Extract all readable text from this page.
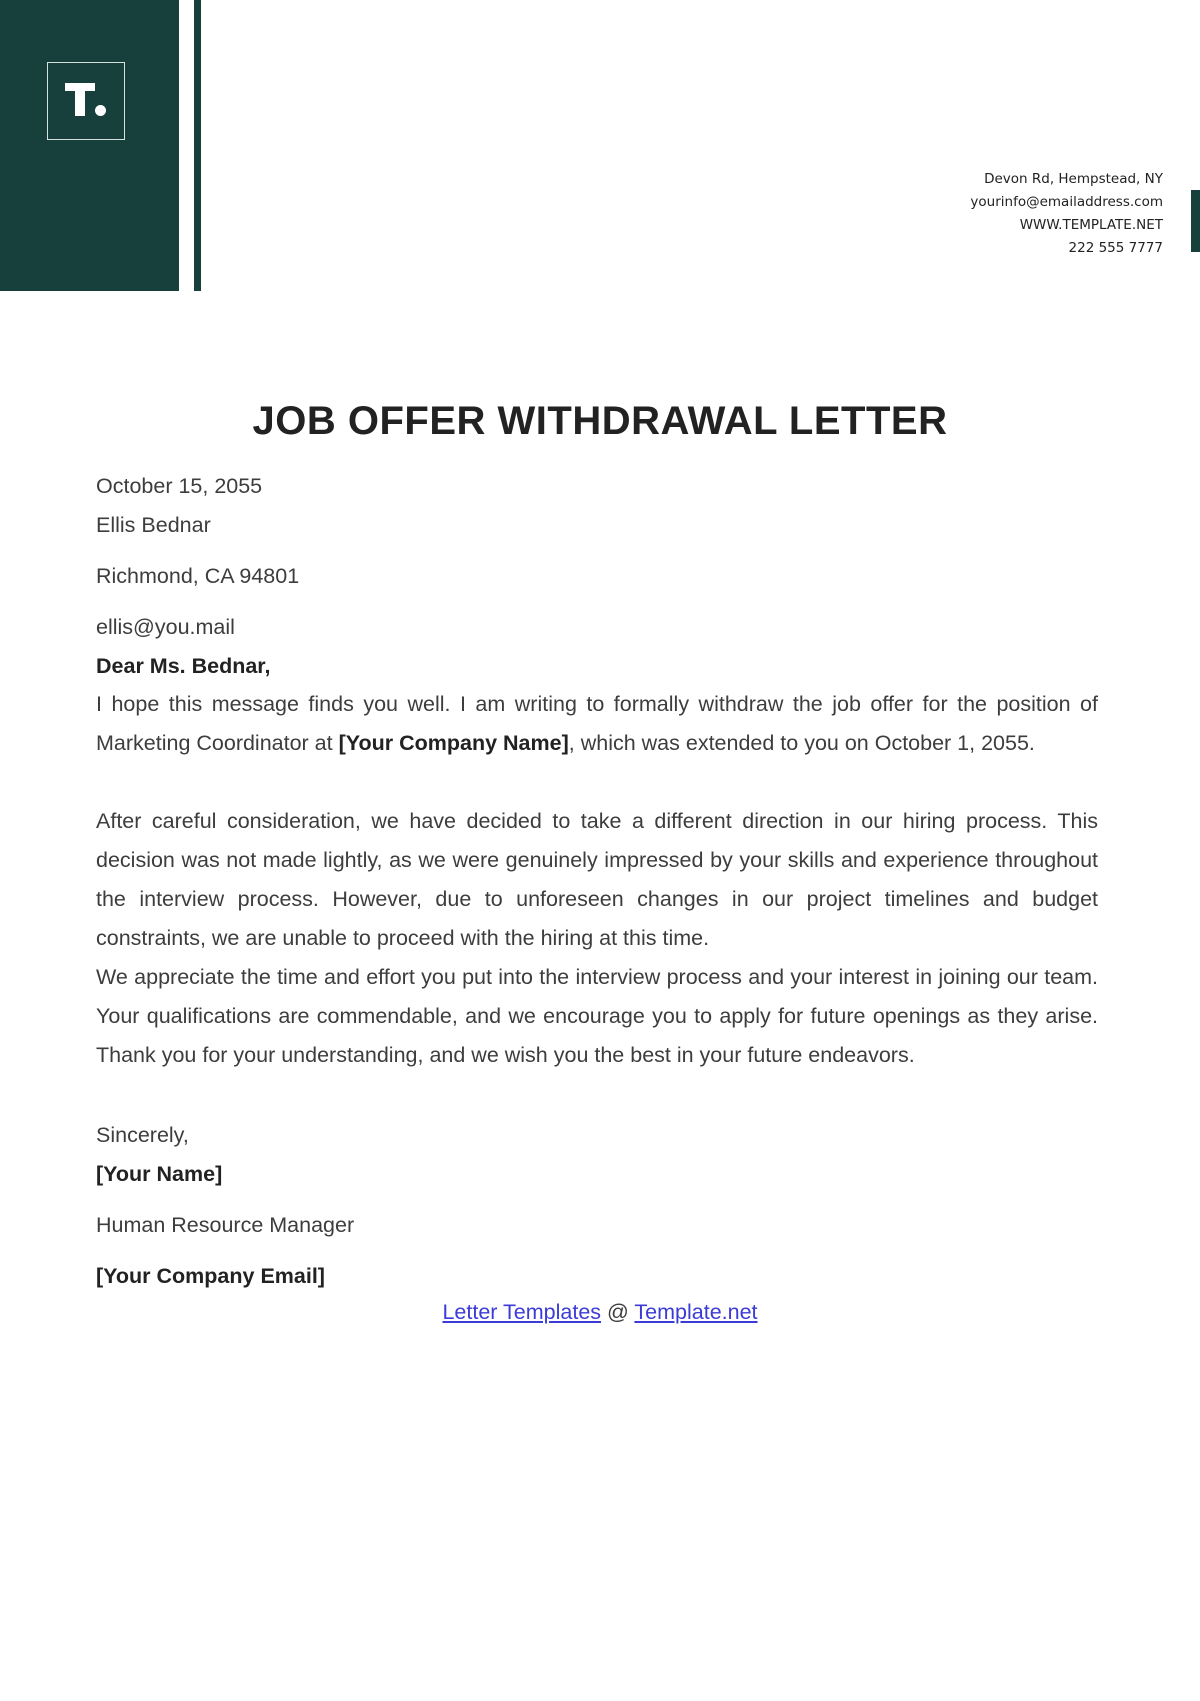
Devon Rd, Hempstead, NY
yourinfo@emailaddress.com
WWW.TEMPLATE.NET
222 555 7777
JOB OFFER WITHDRAWAL LETTER
October 15, 2055
Ellis Bednar
Richmond, CA 94801
ellis@you.mail
Dear Ms. Bednar,
I hope this message finds you well. I am writing to formally withdraw the job offer for the position of Marketing Coordinator at [Your Company Name], which was extended to you on October 1, 2055.
After careful consideration, we have decided to take a different direction in our hiring process. This decision was not made lightly, as we were genuinely impressed by your skills and experience throughout the interview process. However, due to unforeseen changes in our project timelines and budget constraints, we are unable to proceed with the hiring at this time.
We appreciate the time and effort you put into the interview process and your interest in joining our team. Your qualifications are commendable, and we encourage you to apply for future openings as they arise. Thank you for your understanding, and we wish you the best in your future endeavors.
Sincerely,
[Your Name]
Human Resource Manager
[Your Company Email]
Letter Templates @ Template.net
